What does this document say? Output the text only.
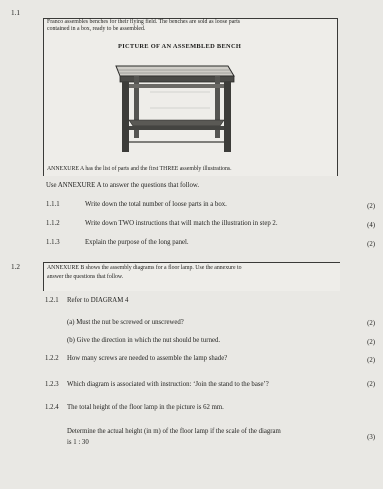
1.1
Franco assembles benches for their flying field. The benches are sold as loose parts
contained in a box, ready to be assembled.
PICTURE OF AN ASSEMBLED BENCH
ANNEXURE A has the list of parts and the first THREE assembly illustrations.
Use ANNEXURE A to answer the questions that follow.
1.1.1	Write down the total number of loose parts in a box.	(2)
1.1.2	Write down TWO instructions that will match the illustration in step 2.	(4)
1.1.3	Explain the purpose of the long panel.	(2)
1.2	ANNEXURE B shows the assembly diagrams for a floor lamp. Use the annexure to
answer the questions that follow.
1.2.1 Refer to DIAGRAM 4
(a) Must the nut be screwed or unscrewed?	(2)
(b) Give the direction in which the nut should be turned.	(2)
1.2.2 How many screws are needed to assemble the lamp shade?	(2)
1.2.3 Which diagram is associated with instruction: ‘Join the stand to the base’?	(2)
1.2.4 The total height of the floor lamp in the picture is 62 mm.
Determine the actual height (in m) of the floor lamp if the scale of the diagram
is 1 : 30
(3)
